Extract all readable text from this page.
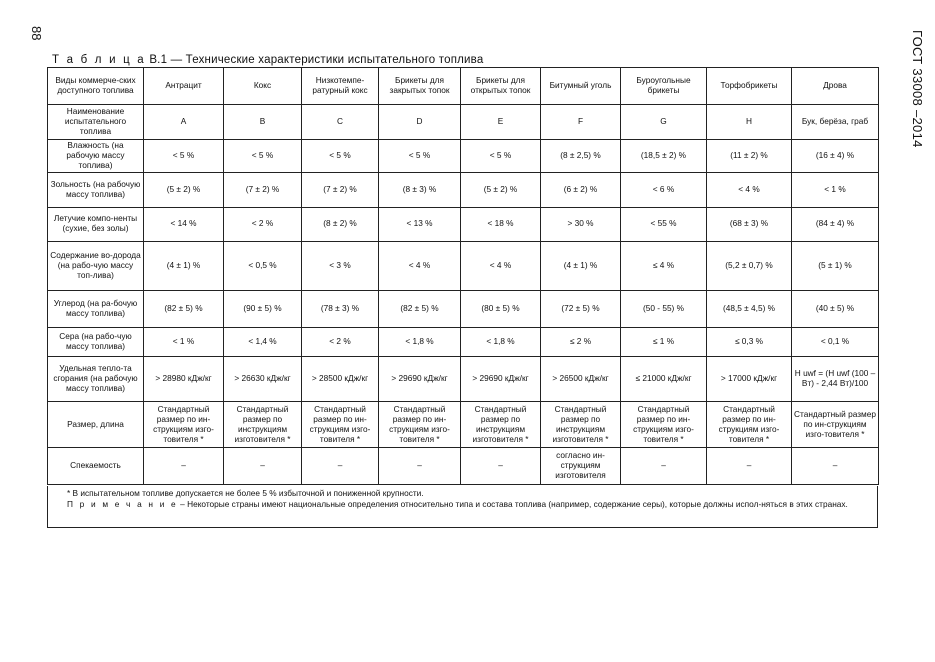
88	ГОСТ 33008 –2014
Т а б л и ц а В.1 — Технические характеристики испытательного топлива
Виды коммерче-ских доступного топлива	Антрацит	Кокс	Низкотемпе-ратурный кокс	Брикеты для закрытых топок	Брикеты для открытых топок	Битумный уголь	Буроугольные брикеты	Торфобрикеты	Дрова
Наименование испытательного топлива	A	B	C	D	E	F	G	H	Бук, берёза, граб
Влажность (на рабочую массу топлива)	< 5 %	< 5 %	< 5 %	< 5 %	< 5 %	(8 ± 2,5) %	(18,5 ± 2) %	(11 ± 2) %	(16 ± 4) %
Зольность (на рабочую массу топлива)	(5 ± 2) %	(7 ± 2) %	(7 ± 2) %	(8 ± 3) %	(5 ± 2) %	(6 ± 2) %	< 6 %	< 4 %	< 1 %
Летучие компо-ненты (сухие, без золы)	< 14 %	< 2 %	(8 ± 2) %	< 13 %	< 18 %	> 30 %	< 55 %	(68 ± 3) %	(84 ± 4) %
Содержание во-дорода (на рабо-чую массу топ-лива)	(4 ± 1) %	< 0,5 %	< 3 %	< 4 %	< 4 %	(4 ± 1) %	≤ 4 %	(5,2 ± 0,7) %	(5 ± 1) %
Углерод (на ра-бочую массу топлива)	(82 ± 5) %	(90 ± 5) %	(78 ± 3) %	(82 ± 5) %	(80 ± 5) %	(72 ± 5) %	(50 - 55) %	(48,5 ± 4,5) %	(40 ± 5) %
Сера (на рабо-чую массу топлива)	< 1 %	< 1,4 %	< 2 %	< 1,8 %	< 1,8 %	≤ 2 %	≤ 1 %	≤ 0,3 %	< 0,1 %
Удельная тепло-та сгорания (на рабочую массу топлива)	> 28980 кДж/кг	> 26630 кДж/кг	> 28500 кДж/кг	> 29690 кДж/кг	> 29690 кДж/кг	> 26500 кДж/кг	≤ 21000 кДж/кг	> 17000 кДж/кг	H uwf = (H uwf (100 – Bт) - 2,44 Bт)/100
Размер, длина	Стандартный размер по ин-струкциям изго-товителя *	Стандартный размер по инструкциям изготовителя *	Стандартный размер по ин-струкциям изго-товителя *	Стандартный размер по ин-струкциям изго-товителя *	Стандартный размер по инструкциям изготовителя *	Стандартный размер по инструкциям изготовителя *	Стандартный размер по ин-струкциям изго-товителя *	Стандартный размер по ин-струкциям изго-товителя *	Стандартный размер по ин-струкциям изго-товителя *
Спекаемость	–	–	–	–	–	согласно ин-струкциям изготовителя	–	–	–

* В испытательном топливе допускается не более 5 % избыточной и пониженной крупности.

П р и м е ч а н и е – Некоторые страны имеют национальные определения относительно типа и состава топлива (например, содержание серы), которые должны испол-няться в этих странах.
